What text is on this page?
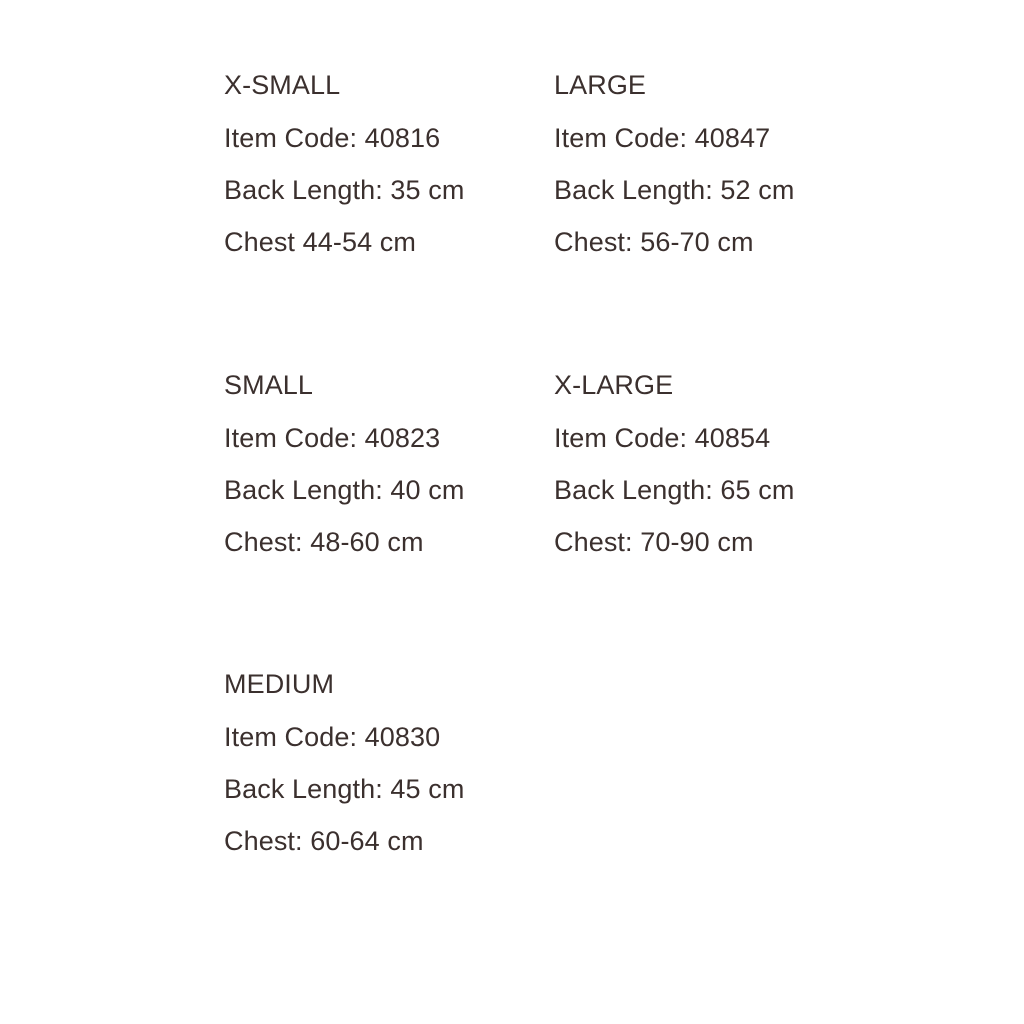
X-SMALL
Item Code: 40816
Back Length: 35 cm
Chest 44-54 cm
SMALL
Item Code: 40823
Back Length: 40 cm
Chest: 48-60 cm
MEDIUM
Item Code: 40830
Back Length: 45 cm
Chest: 60-64 cm
LARGE
Item Code: 40847
Back Length: 52 cm
Chest: 56-70 cm
X-LARGE
Item Code: 40854
Back Length: 65 cm
Chest: 70-90 cm
